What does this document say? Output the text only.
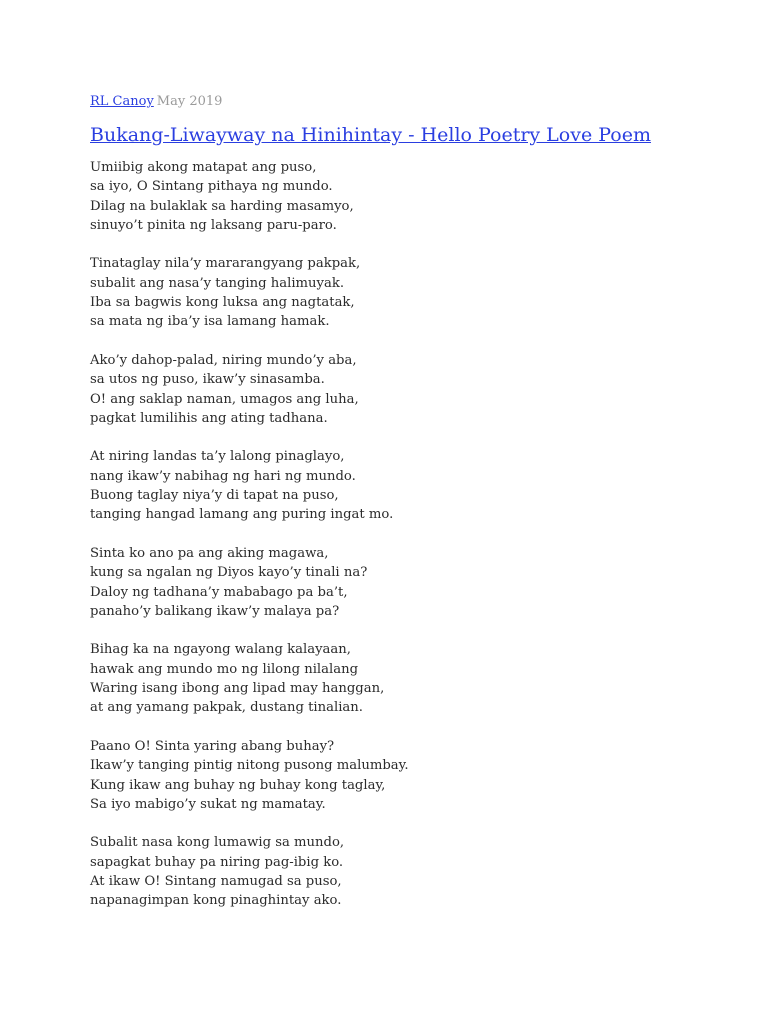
RL Canoy May 2019
Bukang-Liwayway na Hinihintay - Hello Poetry Love Poem
Umiibig akong matapat ang puso,
sa iyo, O Sintang pithaya ng mundo.
Dilag na bulaklak sa harding masamyo,
sinuyo’t pinita ng laksang paru-paro.
Tinataglay nila’y mararangyang pakpak,
subalit ang nasa’y tanging halimuyak.
Iba sa bagwis kong luksa ang nagtatak,
sa mata ng iba’y isa lamang hamak.
Ako’y dahop-palad, niring mundo’y aba,
sa utos ng puso, ikaw’y sinasamba.
O! ang saklap naman, umagos ang luha,
pagkat lumilihis ang ating tadhana.
At niring landas ta’y lalong pinaglayo,
nang ikaw’y nabihag ng hari ng mundo.
Buong taglay niya’y di tapat na puso,
tanging hangad lamang ang puring ingat mo.
Sinta ko ano pa ang aking magawa,
kung sa ngalan ng Diyos kayo’y tinali na?
Daloy ng tadhana’y mababago pa ba’t,
panaho’y balikang ikaw’y malaya pa?
Bihag ka na ngayong walang kalayaan,
hawak ang mundo mo ng lilong nilalang
Waring isang ibong ang lipad may hanggan,
at ang yamang pakpak, dustang tinalian.
Paano O! Sinta yaring abang buhay?
Ikaw’y tanging pintig nitong pusong malumbay.
Kung ikaw ang buhay ng buhay kong taglay,
Sa iyo mabigo’y sukat ng mamatay.
Subalit nasa kong lumawig sa mundo,
sapagkat buhay pa niring pag-ibig ko.
At ikaw O! Sintang namugad sa puso,
napanagimpan kong pinaghintay ako.
